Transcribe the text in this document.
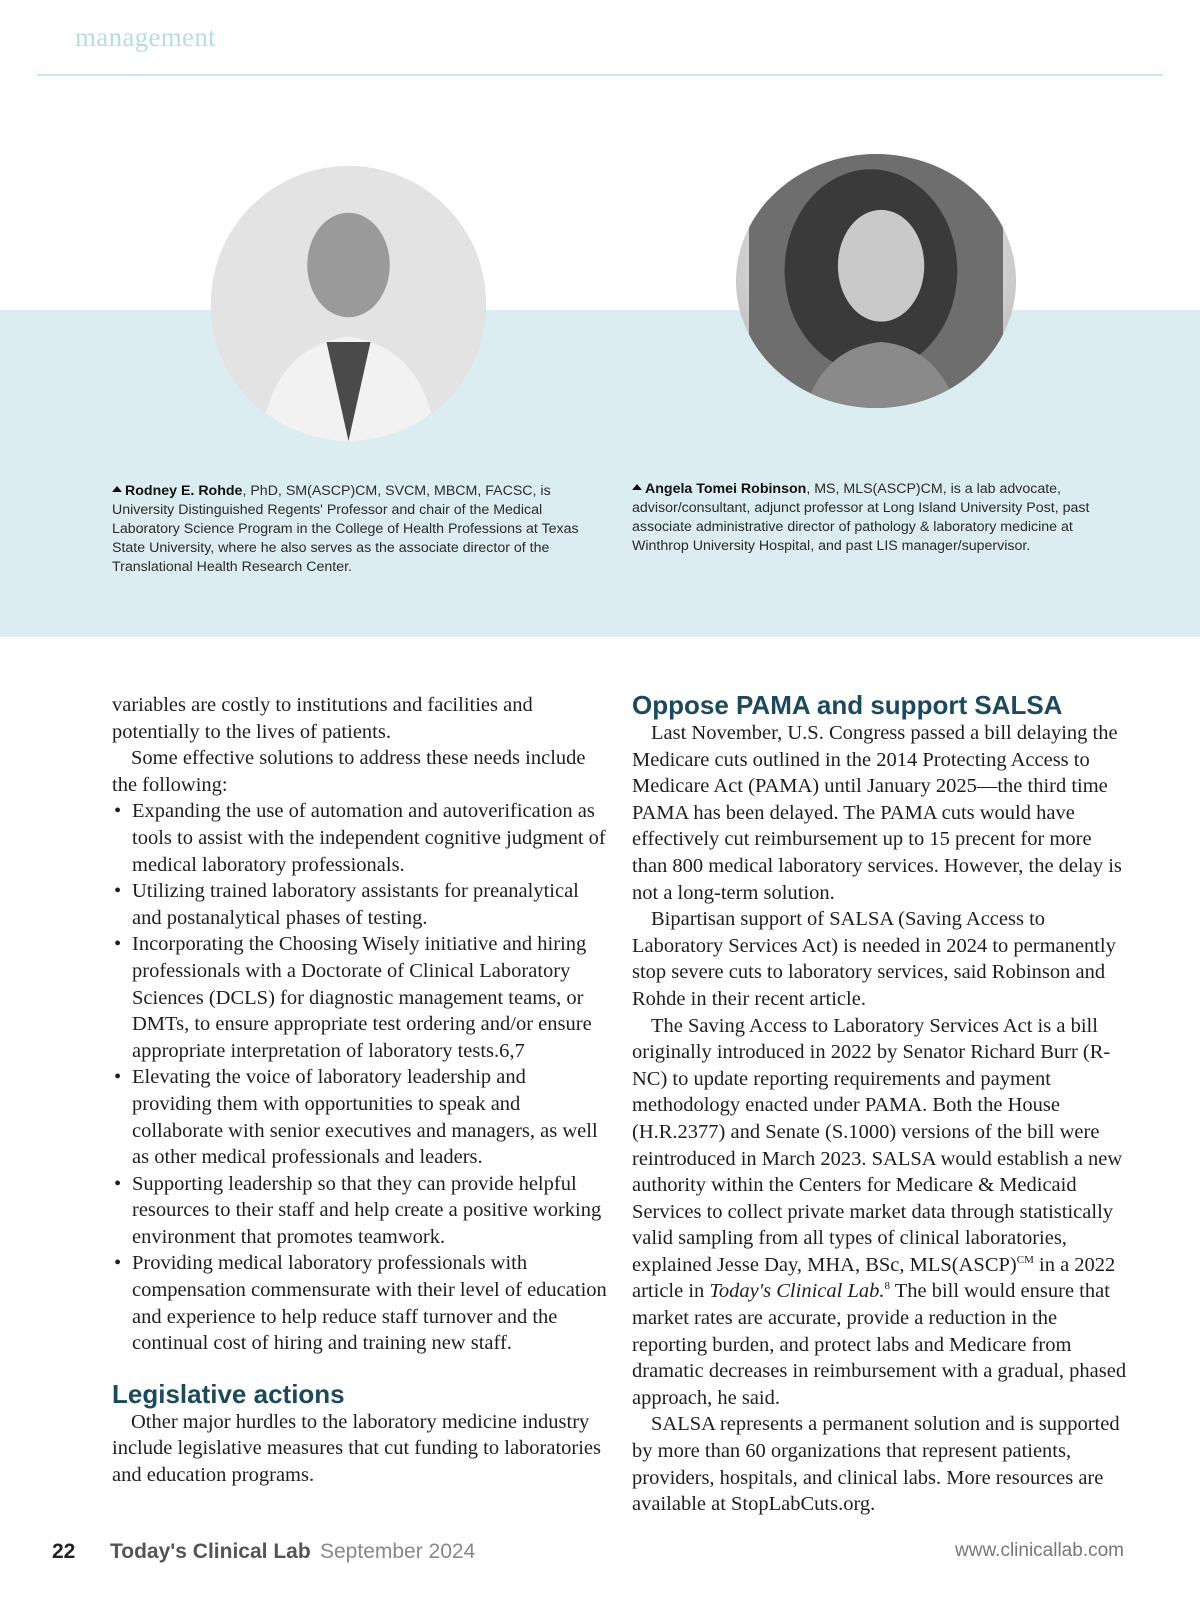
management
Rodney E. Rohde, PhD, SM(ASCP)CM, SVCM, MBCM, FACSC, is University Distinguished Regents' Professor and chair of the Medical Laboratory Science Program in the College of Health Professions at Texas State University, where he also serves as the associate director of the Translational Health Research Center.
Angela Tomei Robinson, MS, MLS(ASCP)CM, is a lab advocate, advisor/consultant, adjunct professor at Long Island University Post, past associate administrative director of pathology & laboratory medicine at Winthrop University Hospital, and past LIS manager/supervisor.

variables are costly to institutions and facilities and potentially to the lives of patients.

Some effective solutions to address these needs include the following:

• Expanding the use of automation and autoverification as tools to assist with the independent cognitive judgment of medical laboratory professionals.
• Utilizing trained laboratory assistants for preanalytical and postanalytical phases of testing.
• Incorporating the Choosing Wisely initiative and hiring professionals with a Doctorate of Clinical Laboratory Sciences (DCLS) for diagnostic management teams, or DMTs, to ensure appropriate test ordering and/or ensure appropriate interpretation of laboratory tests.6,7
• Elevating the voice of laboratory leadership and providing them with opportunities to speak and collaborate with senior executives and managers, as well as other medical professionals and leaders.
• Supporting leadership so that they can provide helpful resources to their staff and help create a positive working environment that promotes teamwork.
• Providing medical laboratory professionals with compensation commensurate with their level of education and experience to help reduce staff turnover and the continual cost of hiring and training new staff.
Legislative actions

Other major hurdles to the laboratory medicine industry include legislative measures that cut funding to laboratories and education programs.

Oppose PAMA and support SALSA

Last November, U.S. Congress passed a bill delaying the Medicare cuts outlined in the 2014 Protecting Access to Medicare Act (PAMA) until January 2025—the third time PAMA has been delayed. The PAMA cuts would have effectively cut reimbursement up to 15 precent for more than 800 medical laboratory services. However, the delay is not a long-term solution.

Bipartisan support of SALSA (Saving Access to Laboratory Services Act) is needed in 2024 to permanently stop severe cuts to laboratory services, said Robinson and Rohde in their recent article.

The Saving Access to Laboratory Services Act is a bill originally introduced in 2022 by Senator Richard Burr (R-NC) to update reporting requirements and payment methodology enacted under PAMA. Both the House (H.R.2377) and Senate (S.1000) versions of the bill were reintroduced in March 2023. SALSA would establish a new authority within the Centers for Medicare & Medicaid Services to collect private market data through statistically valid sampling from all types of clinical laboratories, explained Jesse Day, MHA, BSc, MLS(ASCP)$^{CM}$ in a 2022 article in Today's Clinical Lab.$^8$ The bill would ensure that market rates are accurate, provide a reduction in the reporting burden, and protect labs and Medicare from dramatic decreases in reimbursement with a gradual, phased approach, he said.

SALSA represents a permanent solution and is supported by more than 60 organizations that represent patients, providers, hospitals, and clinical labs. More resources are available at StopLabCuts.org.

22 Today's Clinical Lab September 2024	www.clinicallab.com
